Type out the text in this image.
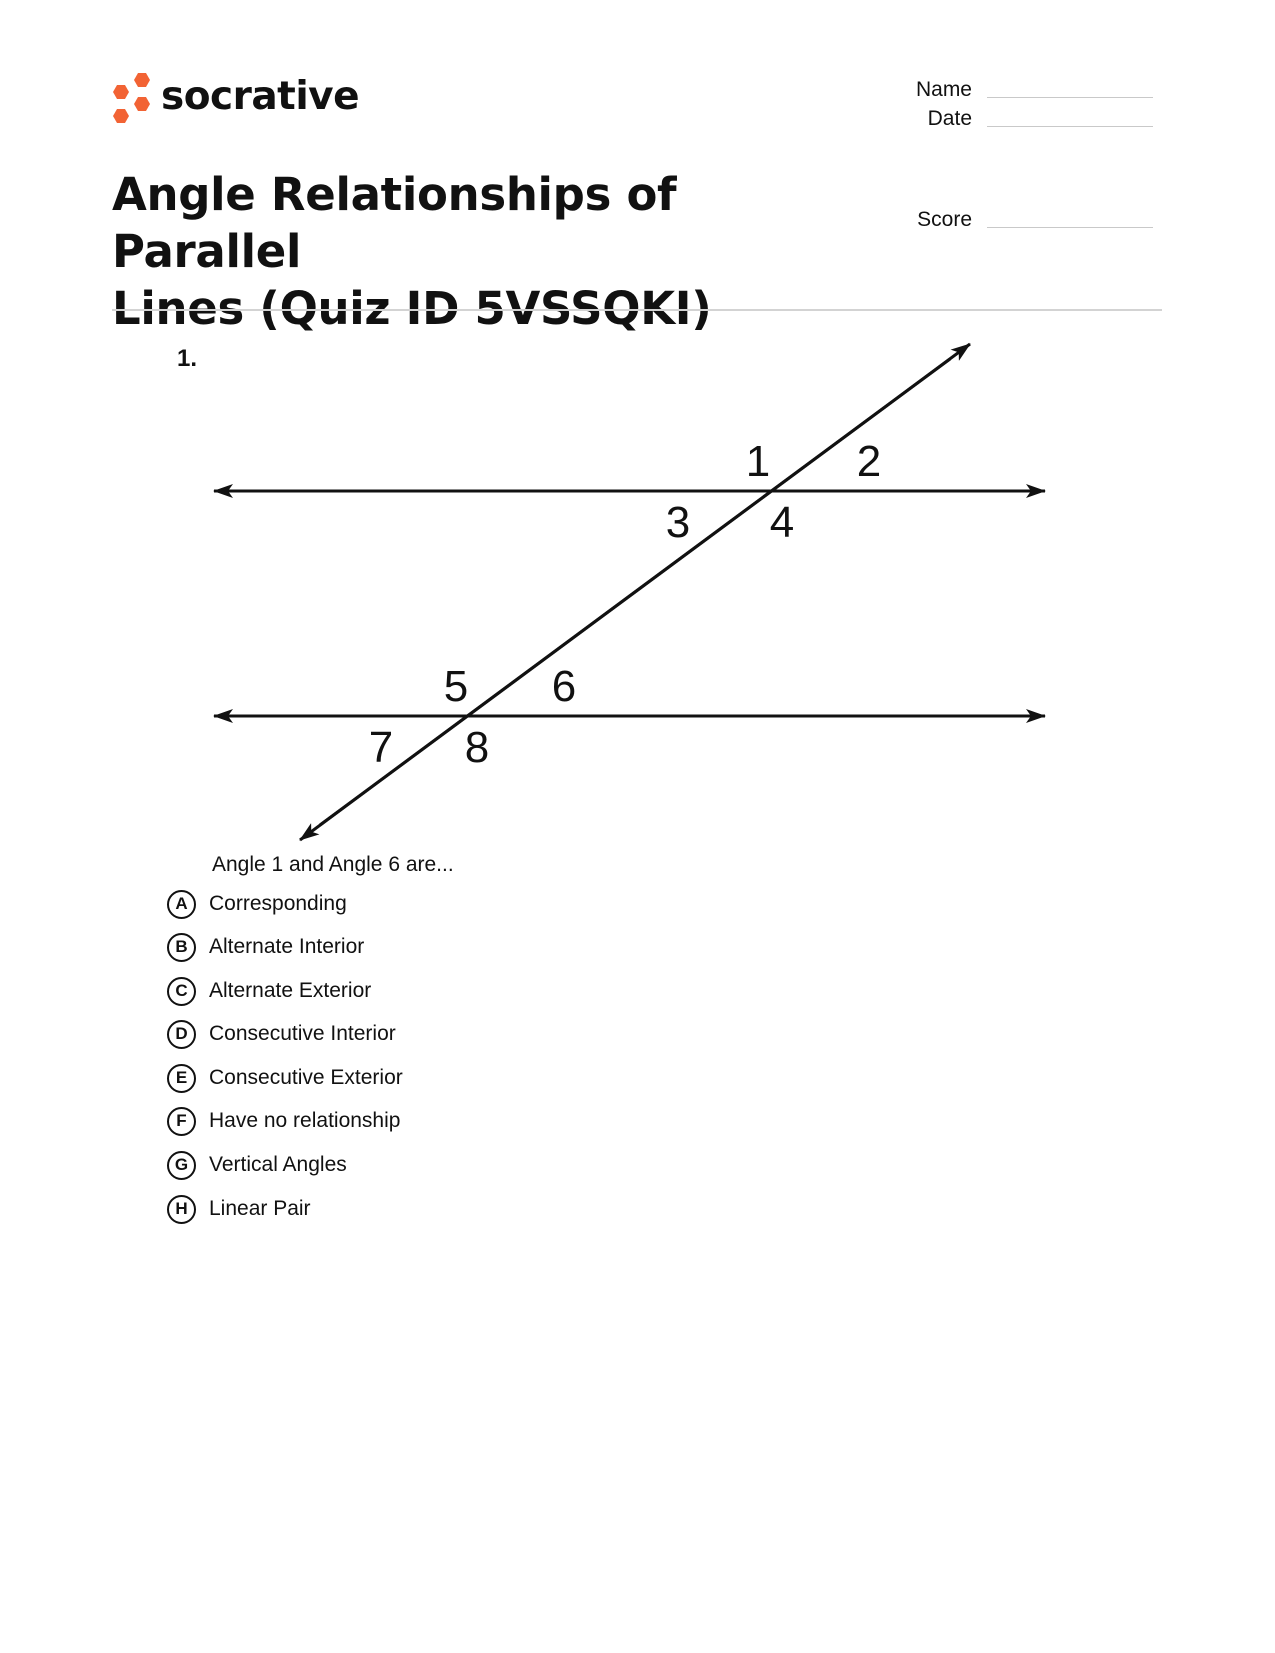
socrative	Name
Date
Score
Angle Relationships of Parallel
Lines (Quiz ID 5VSSQKI)
1.
1 2
3 4
5 6
7 8
Angle 1 and Angle 6 are...
A	Corresponding
B	Alternate Interior
C	Alternate Exterior
D	Consecutive Interior
E	Consecutive Exterior
F	Have no relationship
G Vertical Angles
H	Linear Pair
